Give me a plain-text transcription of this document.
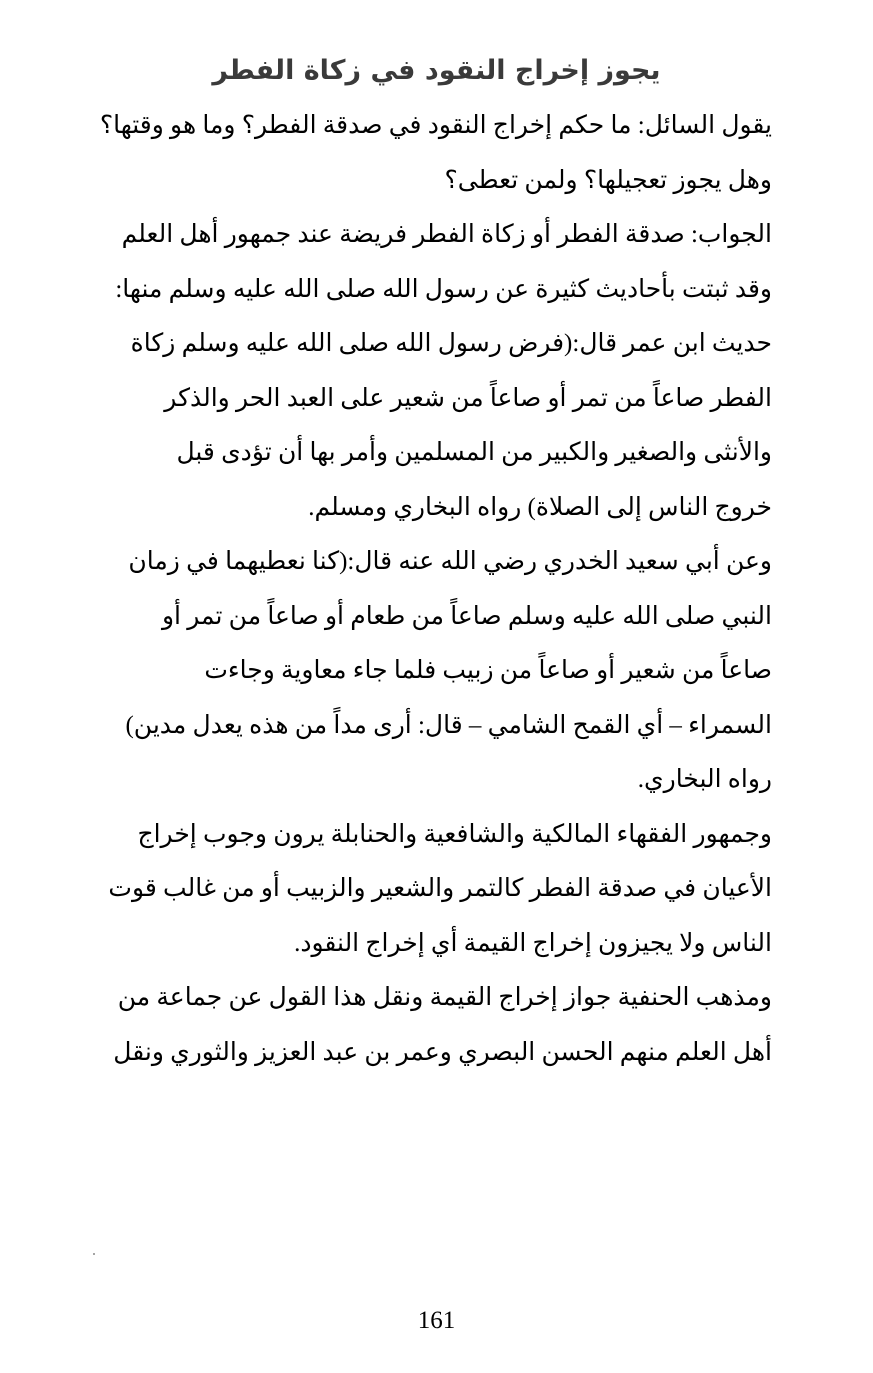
يجوز إخراج النقود في زكاة الفطر
يقول السائل: ما حكم إخراج النقود في صدقة الفطر؟ وما هو وقتها؟
وهل يجوز تعجيلها؟ ولمن تعطى؟
الجواب: صدقة الفطر أو زكاة الفطر فريضة عند جمهور أهل العلم
وقد ثبتت بأحاديث كثيرة عن رسول الله صلى الله عليه وسلم منها:
حديث ابن عمر قال:(فرض رسول الله صلى الله عليه وسلم زكاة
الفطر صاعاً من تمر أو صاعاً من شعير على العبد الحر والذكر
والأنثى والصغير والكبير من المسلمين وأمر بها أن تؤدى قبل
خروج الناس إلى الصلاة) رواه البخاري ومسلم.
وعن أبي سعيد الخدري رضي الله عنه قال:(كنا نعطيهما في زمان
النبي صلى الله عليه وسلم صاعاً من طعام أو صاعاً من تمر أو
صاعاً من شعير أو صاعاً من زبيب فلما جاء معاوية وجاءت
السمراء – أي القمح الشامي – قال: أرى مداً من هذه يعدل مدين)
رواه البخاري.
وجمهور الفقهاء المالكية والشافعية والحنابلة يرون وجوب إخراج
الأعيان في صدقة الفطر كالتمر والشعير والزبيب أو من غالب قوت
الناس ولا يجيزون إخراج القيمة أي إخراج النقود.
ومذهب الحنفية جواز إخراج القيمة ونقل هذا القول عن جماعة من
أهل العلم منهم الحسن البصري وعمر بن عبد العزيز والثوري ونقل
161
